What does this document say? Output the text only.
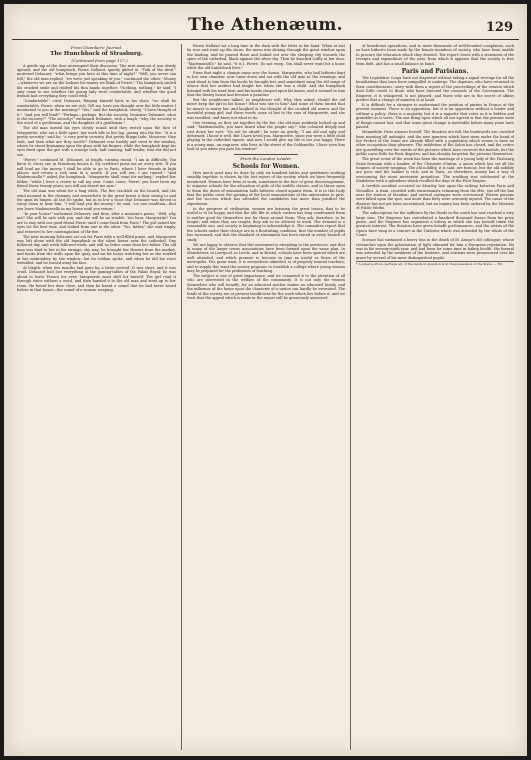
The Athenæum.	129

From Chambers' Journal.

The Hunchback of Strasburg.

(Continued from page 117.)

A gentle tap at the door interrupted their discourse. The next moment it was slowly opened, and the old humpback, Pierre Nallaud, quietly glided in. "Talk of the devil," muttered Delaunet; "what brings you here at this time of night?" "Well, you never can tell," the old man replied; "we were just speaking of you," continued the other. "Money—whenever we are on the lookout for money we think of Pierre." The humpback smiled his crooked smile and rubbed his thin hands together. "Nothing, nothing," he said; "I only came to see whether the young lady were comfortable, and whether the good friends had everything they could wish."

"Comfortable!" cried Delaunet, flinging himself back in his chair; "we shall be comfortable, Pierre, when we are rich. Tell me, have you thought over the little matter I mentioned to you in the morning?" "Yes," said the humpback, slowly, "I have thought of it." "And you will lend?" "Perhaps—perhaps. But the security, Monsieur Delaunet, what is the security?" "The security!" exclaimed Delaunet, with a laugh; "why, the security is the word of a gentleman, and the daughter of a gentleman."

The old man turned his eyes slowly round until they rested upon the face of Marguerite, who sat a little apart, her work idle in her lap, gazing into the fire. "It is a pretty security," said he; "a very pretty security. But pretty things fade, Monsieur; they fade, and then what are they worth?" Delaunet rose hastily and went to the window, where he stood drumming upon the glass with his fingers, while the humpback kept his eyes fixed upon the girl with a strange look, half cunning, half tender, that she did not see.

"Pierre," continued M. Delaunet, at length, turning round, "I am in difficulty. You know it; every one in Strasburg knows it. My creditors press me on every side. If you will lend me the money I shall be able to go to Paris, where I have friends in high places, and return a rich man in a month. If you will not, I am ruined." "And Mademoiselle?" asked the humpback. "Marguerite shall want for nothing," replied her father, "while I have a crown to call my own. Come, come, Pierre, you have been my friend these twenty years; you will not desert me now."

The old man was silent for a long while. The fire crackled on the hearth, and the wind moaned in the chimney, and somewhere in the great house a door swung to and fro upon its hinges. At last he spoke, but in so low a voice that Delaunet was forced to stoop down to hear him. "I will lend you the money," he said, "on one condition—that you leave Mademoiselle in my house until you return."

"In your house!" exclaimed Delaunet; and then, after a moment's pause, "Well, why not? She will be safe with you, and she will be no trouble. You hear, Marguerite? You are to stay with our good friend Pierre until I come back from Paris." The girl raised her eyes for the first time, and looked from one to the other. "Yes, father," she said simply, and returned to her contemplation of the fire.

The next morning Delaunet set out for Paris with a well-filled purse, and Marguerite was left alone with the old humpback in the silent house near the cathedral. Day followed day, and week followed week, and still no letter came from her father. The old man was kind to her in his strange, shy way; he brought her flowers from the market, and books from the stalls upon the quay, and sat for hours watching her as she worked at her embroidery by the window; but he seldom spoke, and when he did his voice trembled, and he turned away his face.

At length, when two months had gone by, a letter arrived. It was short, and it was cruel. Delaunet had lost everything at the gaming-tables of the Palais Royal; he was about to leave France for ever; Marguerite must shift for herself. The girl read it through twice without a word, and then handed it to the old man and went up to her room. He heard her door close, and then he heard a sound that he had never heard before in that house—the sound of a woman weeping.

Pierre Nallaud sat a long time in the dark with the letter in his hand. When at last he rose and went up the stairs, the moon was shining through the great window upon the landing, and he paused there and looked out over the sleeping city towards the spire of the cathedral, black against the silver sky. Then he knocked softly at her door. "Mademoiselle," he said, "it is I, Pierre. Do not weep. You shall never want for a home while the old hunchback lives."

From that night a change came over the house. Marguerite, who had hitherto kept to her own chamber, now came down and sat with the old man in the evenings, and read aloud to him from the books he brought her, and sometimes sang the old songs of Alsace that her mother had taught her when she was a child. And the humpback listened with his head bent and his hands clasped upon his knees, and it seemed to him that the dreary house had become a paradise.

But the neighbours talked, as neighbours will. Why, they asked, should the old miser keep the girl in his house? What was she to him? And some of them hinted that he meant to marry her, and laughed at the thought of the crooked old usurer and the beautiful young girl; and these words came at last to the ears of Marguerite, and she was troubled, and knew not what to do.

One evening, as they sat together by the fire, the old man suddenly looked up and said: "Mademoiselle, you have heard what the people say?" She coloured deeply and cast down her eyes. "Do not be afraid," he went on gently; "I am old and ugly and deformed; I know it well. But I have loved you, Marguerite, since you were a little child playing in the cathedral square, and now I would give my life to see you happy. There is a young man, an engraver, who lives in the street of the Goldsmiths. I have seen him look at you when you pass his window."

From the London Leader.

Schools for Women.

How much good may be done by only six hundred ladies and gentlemen working steadily together, is shown by the last report of the society which we have frequently mentioned. Women have been at work, sometimes in the face of great discouragement, to organise schools for the education of girls of the middle classes, and to throw open to them the doors of examination halls hitherto closed against them. It is to this body that the public owes the opening of the local examinations of the universities to girls, and the success which has attended the candidates has more than justified the experiment.

In the progress of civilisation, women are learning the great lesson, that to be useful is to be happy, and that the idle life to which custom has long condemned them is neither good for themselves nor for those around them. They ask, therefore, to be taught; and when they are taught, they ask to be allowed to work. The demand is a reasonable one, and society is beginning to acknowledge it. The committee report that the schools under their charge are in a flourishing condition, that the number of pupils has increased, and that the standard of attainment has been raised in every branch of study.

We are happy to observe that this movement is extending to the provinces, and that in many of the larger towns associations have been formed upon the same plan. In Manchester, in Liverpool, in Leeds, and in Bristol, schools have been opened which are well attended, and which promise to become in time as useful as those of the metropolis. The great want, it is everywhere admitted, is of properly trained teachers; and to supply this want the society proposes to establish a college where young women may be prepared for the profession of teaching.

The subject is one of great importance, and we commend it to the attention of all who are interested in the welfare of the community. It is not only the women themselves who will benefit; for an educated mother makes an educated family, and the influence of the home upon the character of a nation can hardly be overrated. The funds of the society are at present insufficient for the work which lies before it, and we trust that the appeal which is made in the report will be generously answered.

of beneficent operations, and to meet thousands of well-founded complaints, such as have hitherto been made by the female members of society, who have been unable to procure the education which they desired. The report closes with a statement of the receipts and expenditure of the year, from which it appears that the society is free from debt, and has a small balance in hand.

Paris and Parisians.

The Legislative Corps have not dispersed without taking a signal revenge for all the humiliations they have been compelled to undergo. The deputies, who have returned to their constituencies, carry with them a report of the proceedings of the session which does little credit to those who have directed the counsels of the Government. The Emperor, it is whispered, is not pleased; and those who are in the secret of affairs predict that a change of ministry is at hand.

It is difficult for a stranger to understand the position of parties in France at the present moment. There is an opposition, but it is an opposition without a leader and without a policy; there is a majority, but it is a majority that votes as it is bidden and grumbles as it votes. The one thing upon which all are agreed is that the present state of things cannot last, and that some great change is inevitable before many years have passed.

Meanwhile, Paris amuses herself. The theatres are full, the boulevards are crowded from morning till midnight, and the new quarters which have risen under the hand of the Prefect of the Seine are already filled with a population which seems to have no other occupation than pleasure. The exhibition of the Salon has closed, and the critics are quarrelling over the merits of the pictures which have received the medals; but the public cares little for their disputes, and has already forgotten the pictures themselves.

The great event of the week has been the marriage of a young lady of the Faubourg Saint-Germain with a banker of the Chaussée d'Antin, a union which has set all the tongues of society wagging. The old nobility, it is said, are furious; but the old nobility are poor, and the banker is rich, and in Paris, as elsewhere, money has a way of overcoming the most inveterate prejudices. The wedding was celebrated at the Madeleine with a splendour which recalled the days of the First Empire.

A terrible accident occurred on Monday last upon the railway between Paris and Versailles. A train, crowded with excursionists returning from the fête, ran off the line near the station of Meudon, and several carriages were overturned. Eleven persons were killed upon the spot, and more than forty were seriously injured. The cause of the disaster has not yet been ascertained, but an inquiry has been ordered by the Minister of Public Works.

The subscription for the sufferers by the floods in the south has now reached a very large sum. The Emperor has contributed a hundred thousand francs from his privy purse, and the Empress has organised a lottery in which she has herself taken the greatest interest. The theatres have given benefit performances, and the artists of the Opera have sung at a concert in the Tuileries which was attended by the whole of the Court.

Science has sustained a heavy loss in the death of M. Arago's old colleague, whose researches upon the polarisation of light obtained for him a European reputation. He was in his seventy-ninth year, and had been for some time in failing health. His funeral was attended by the members of the Institute, and orations were pronounced over his grave by several of his most distinguished pupils.

* A great portion, perhaps all, of the lands in question is in the possession of the State. — Ed.
